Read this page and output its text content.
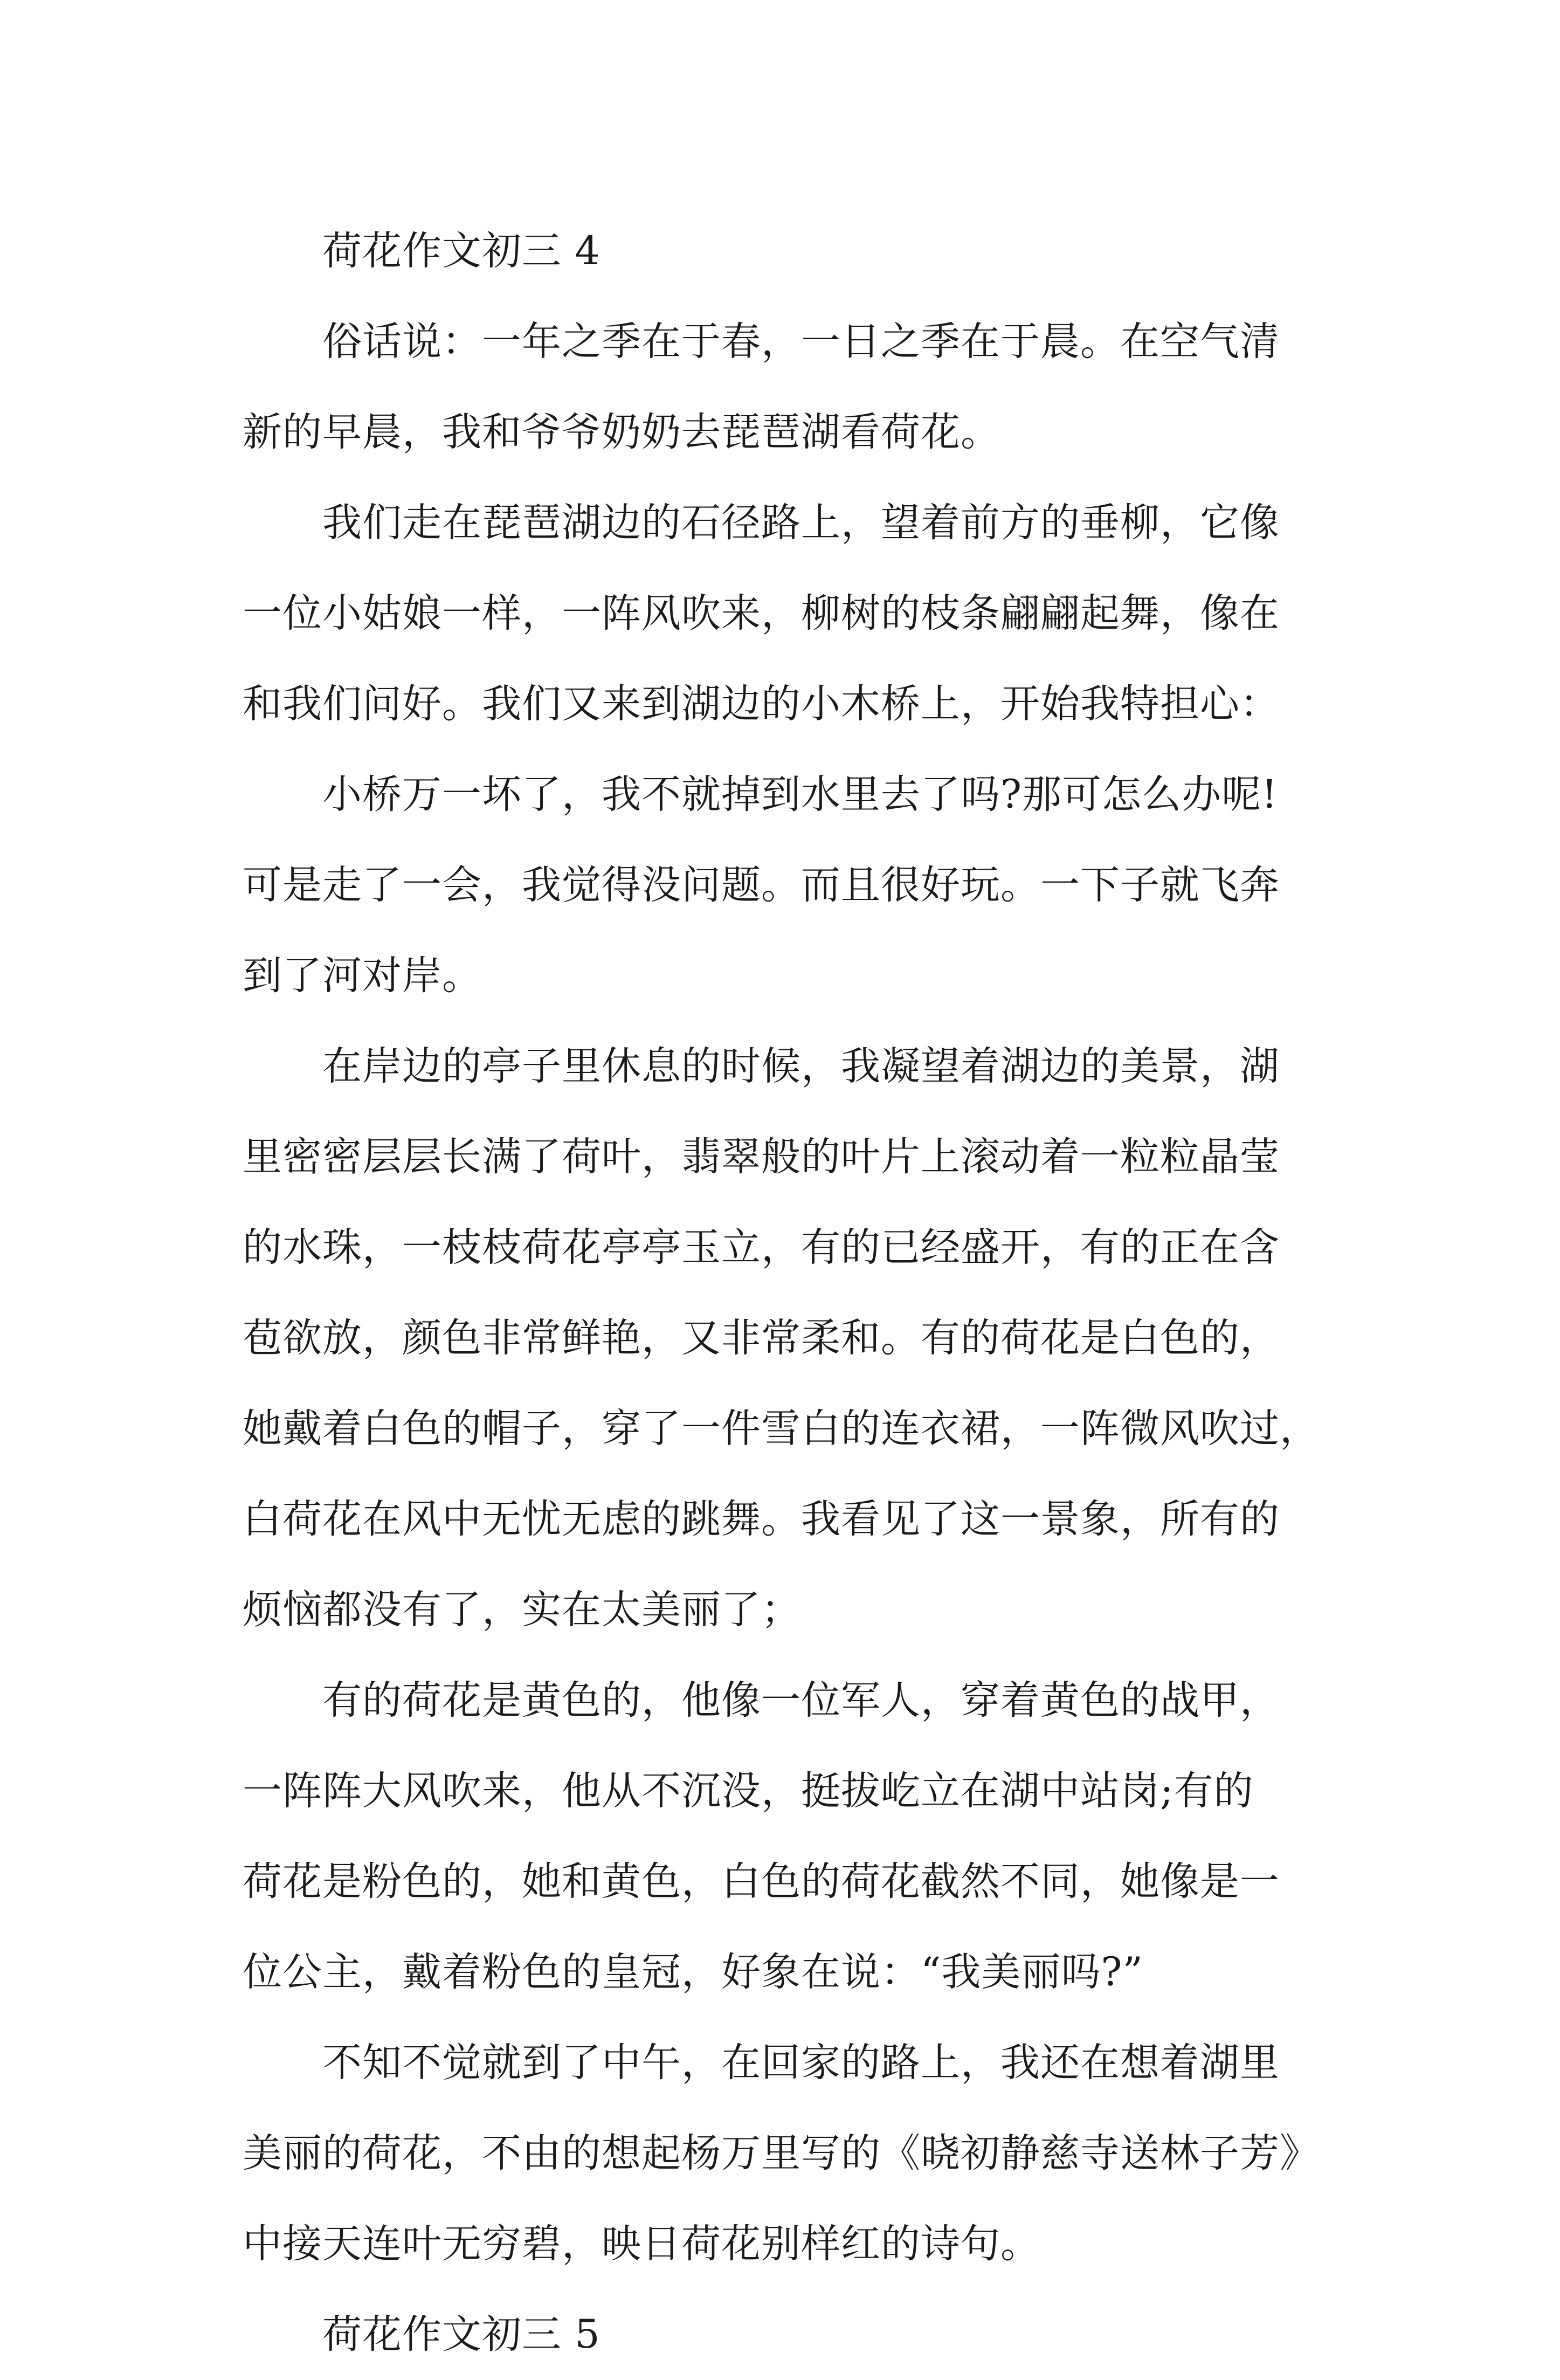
荷花作文初三 4
俗话说：一年之季在于春，一日之季在于晨。在空气清
新的早晨，我和爷爷奶奶去琵琶湖看荷花。
我们走在琵琶湖边的石径路上，望着前方的垂柳，它像
一位小姑娘一样，一阵风吹来，柳树的枝条翩翩起舞，像在
和我们问好。我们又来到湖边的小木桥上，开始我特担心：
小桥万一坏了，我不就掉到水里去了吗?那可怎么办呢!
可是走了一会，我觉得没问题。而且很好玩。一下子就飞奔
到了河对岸。
在岸边的亭子里休息的时候，我凝望着湖边的美景，湖
里密密层层长满了荷叶，翡翠般的叶片上滚动着一粒粒晶莹
的水珠，一枝枝荷花亭亭玉立，有的已经盛开，有的正在含
苞欲放，颜色非常鲜艳，又非常柔和。有的荷花是白色的，
她戴着白色的帽子，穿了一件雪白的连衣裙，一阵微风吹过，
白荷花在风中无忧无虑的跳舞。我看见了这一景象，所有的
烦恼都没有了，实在太美丽了；
有的荷花是黄色的，他像一位军人，穿着黄色的战甲，
一阵阵大风吹来，他从不沉没，挺拔屹立在湖中站岗;有的
荷花是粉色的，她和黄色，白色的荷花截然不同，她像是一
位公主，戴着粉色的皇冠，好象在说：“我美丽吗?”
不知不觉就到了中午，在回家的路上，我还在想着湖里
美丽的荷花，不由的想起杨万里写的《晓初静慈寺送林子芳》
中接天连叶无穷碧，映日荷花别样红的诗句。
荷花作文初三 5
